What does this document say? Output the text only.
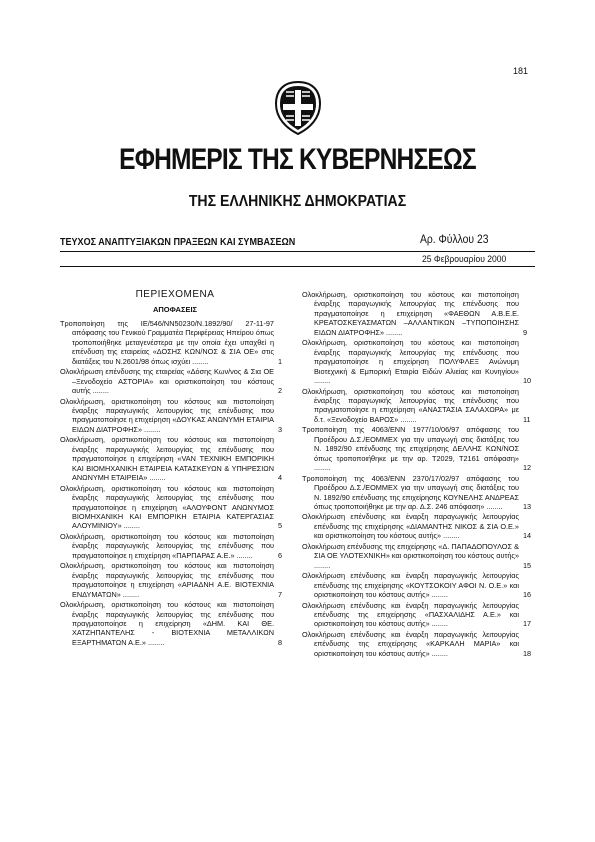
181
ΕΦΗΜΕΡΙΣ ΤΗΣ ΚΥΒΕΡΝΗΣΕΩΣ
ΤΗΣ ΕΛΛΗΝΙΚΗΣ ΔΗΜΟΚΡΑΤΙΑΣ
ΤΕΥΧΟΣ ΑΝΑΠΤΥΞΙΑΚΩΝ ΠΡΑΞΕΩΝ ΚΑΙ ΣΥΜΒΑΣΕΩΝ	Αρ. Φύλλου 23
25 Φεβρουαρίου 2000
ΠΕΡΙΕΧΟΜΕΝΑ
ΑΠΟΦΑΣΕΙΣ
Τροποποίηση της ΙΕ/546/ΝΝ50230/Ν.1892/90/ 27-11-97 απόφασης του Γενικού Γραμματέα Περιφέρειας Ηπείρου όπως τροποποιήθηκε μεταγενέστερα με την οποία έχει υπαχθεί η επένδυση της εταιρείας «ΔΟΣΗΣ ΚΩΝ/ΝΟΣ & ΣΙΑ ΟΕ» στις διατάξεις του Ν.2601/98 όπως ισχύει ........	1
Ολοκλήρωση επένδυσης της εταιρείας «Δόσης Κων/νος & Σια ΟΕ –Ξενοδοχείο ΑΣΤΟΡΙΑ» και οριστικοποίηση του κόστους αυτής ........	2
Ολοκλήρωση, οριστικοποίηση του κόστους και πιστοποίηση έναρξης παραγωγικής λειτουργίας της επένδυσης που πραγματοποίησε η επιχείρηση «ΔΟΥΚΑΣ ΑΝΩΝΥΜΗ ΕΤΑΙΡΙΑ ΕΙΔΩΝ ΔΙΑΤΡΟΦΗΣ» ........	3
Ολοκλήρωση, οριστικοποίηση του κόστους και πιστοποίηση έναρξης παραγωγικής λειτουργίας της επένδυσης που πραγματοποίησε η επιχείρηση «VAN ΤΕΧΝΙΚΗ ΕΜΠΟΡΙΚΗ ΚΑΙ ΒΙΟΜΗΧΑΝΙΚΗ ΕΤΑΙΡΕΙΑ ΚΑΤΑΣΚΕΥΩΝ & ΥΠΗΡΕΣΙΩΝ ΑΝΩΝΥΜΗ ΕΤΑΙΡΕΙΑ» ........	4
Ολοκλήρωση, οριστικοποίηση του κόστους και πιστοποίηση έναρξης παραγωγικής λειτουργίας της επένδυσης που πραγματοποίησε η επιχείρηση «ΑΛΟΥΦΟΝΤ ΑΝΩΝΥΜΟΣ ΒΙΟΜΗΧΑΝΙΚΗ ΚΑΙ ΕΜΠΟΡΙΚΗ ΕΤΑΙΡΙΑ ΚΑΤΕΡΓΑΣΙΑΣ ΑΛΟΥΜΙΝΙΟΥ» ........	5
Ολοκλήρωση, οριστικοποίηση του κόστους και πιστοποίηση έναρξης παραγωγικής λειτουργίας της επένδυσης που πραγματοποίησε η επιχείρηση «ΠΑΡΠΑΡΑΣ Α.Ε.» ........	6
Ολοκλήρωση, οριστικοποίηση του κόστους και πιστοποίηση έναρξης παραγωγικής λειτουργίας της επένδυσης που πραγματοποίησε η επιχείρηση «ΑΡΙΑΔΝΗ Α.Ε. ΒΙΟΤΕΧΝΙΑ ΕΝΔΥΜΑΤΩΝ» ........	7
Ολοκλήρωση, οριστικοποίηση του κόστους και πιστοποίηση έναρξης παραγωγικής λειτουργίας της επένδυσης που πραγματοποίησε η επιχείρηση «ΔΗΜ. ΚΑΙ ΘΕ. ΧΑΤΖΗΠΑΝΤΕΛΗΣ - ΒΙΟΤΕΧΝΙΑ ΜΕΤΑΛΛΙΚΩΝ ΕΞΑΡΤΗΜΑΤΩΝ Α.Ε.» ........	8
Ολοκλήρωση, οριστικοποίηση του κόστους και πιστοποίηση έναρξης παραγωγικής λειτουργίας της επένδυσης που πραγματοποίησε η επιχείρηση «ΦΑΕΘΩΝ Α.Β.Ε.Ε. ΚΡΕΑΤΟΣΚΕΥΑΣΜΑΤΩΝ –ΑΛΛΑΝΤΙΚΩΝ –ΤΥΠΟΠΟΙΗΣΗΣ ΕΙΔΩΝ ΔΙΑΤΡΟΦΗΣ» ........	9
Ολοκλήρωση, οριστικοποίηση του κόστους και πιστοποίηση έναρξης παραγωγικής λειτουργίας της επένδυσης που πραγματοποίησε η επιχείρηση ΠΟΛΥΦΛΕΞ Ανώνυμη Βιοτεχνική & Εμπορική Εταιρία Ειδών Αλιείας και Κυνηγίου» ........	10
Ολοκλήρωση, οριστικοποίηση του κόστους και πιστοποίηση έναρξης παραγωγικής λειτουργίας της επένδυσης που πραγματοποίησε η επιχείρηση «ΑΝΑΣΤΑΣΙΑ ΣΑΛΑΧΩΡΑ» με δ.τ. «Ξενοδοχείο ΒΑΡΟΣ» ........	11
Τροποποίηση της 4063/ΕΝΝ 1977/10/06/97 απόφασης του Προέδρου Δ.Σ./ΕΟΜΜΕΧ για την υπαγωγή στις διατάξεις του Ν. 1892/90 επένδυσης της επιχείρησης ΔΕΛΛΗΣ ΚΩΝ/ΝΟΣ όπως τροποποιήθηκε με την αρ. Τ2029, Τ2161 απόφαση» ........	12
Τροποποίηση της 4063/ΕΝΝ 2370/17/02/97 απόφασης του Προέδρου Δ.Σ./ΕΟΜΜΕΧ για την υπαγωγή στις διατάξεις του Ν. 1892/90 επένδυσης της επιχείρησης ΚΟΥΝΕΛΗΣ ΑΝΔΡΕΑΣ όπως τροποποιήθηκε με την αρ. Δ.Σ. 246 απόφαση» ........	13
Ολοκλήρωση επένδυσης και έναρξη παραγωγικής λειτουργίας επένδυσης της επιχείρησης «ΔΙΑΜΑΝΤΗΣ ΝΙΚΟΣ & ΣΙΑ Ο.Ε.» και οριστικοποίηση του κόστους αυτής» ........	14
Ολοκλήρωση επένδυσης της επιχείρησης «Δ. ΠΑΠΑΔΟΠΟΥΛΟΣ & ΣΙΑ ΟΕ ΥΛΟΤΕΧΝΙΚΗ» και οριστικοποίηση του κόστους αυτής» ........	15
Ολοκλήρωση επένδυσης και έναρξη παραγωγικής λειτουργίας επένδυσης της επιχείρησης «ΚΟΥΤΣΟΚΟΙΥ ΑΦΟΙ Ν. Ο.Ε.» και οριστικοποίηση του κόστους αυτής» ........	16
Ολοκλήρωση επένδυσης και έναρξη παραγωγικής λειτουργίας επένδυσης της επιχείρησης «ΠΑΣΧΑΛΙΔΗΣ Α.Ε.» και οριστικοποίηση του κόστους αυτής» ........	17
Ολοκλήρωση επένδυσης και έναρξη παραγωγικής λειτουργίας επένδυσης της επιχείρησης «ΚΑΡΚΑΛΗ ΜΑΡΙΑ» και οριστικοποίηση του κόστους αυτής» ........	18
